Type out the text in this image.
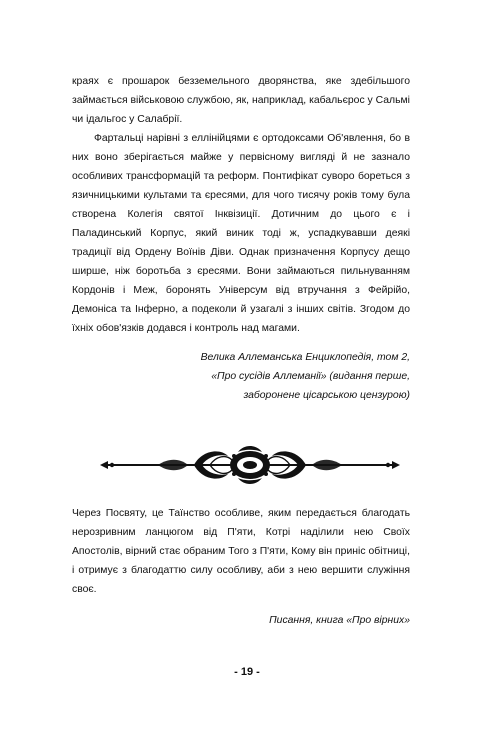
краях є прошарок безземельного дворянства, яке здебільшого займається військовою службою, як, наприклад, кабальєрос у Сальмі чи ідальгос у Салабрії.

Фартальці нарівні з еллінійцями є ортодоксами Об'явлення, бо в них воно зберігається майже у первісному вигляді й не зазнало особливих трансформацій та реформ. Понтифікат суворо бореться з язичницькими культами та єресями, для чого тисячу років тому була створена Колегія святої Інквізиції. Дотичним до цього є і Паладинський Корпус, який виник тоді ж, успадкувавши деякі традиції від Ордену Воїнів Діви. Однак призначення Корпусу дещо ширше, ніж боротьба з єресями. Вони займаються пильнуванням Кордонів і Меж, боронять Універсум від втручання з Фейрійо, Демоніса та Інферно, а подеколи й узагалі з інших світів. Згодом до їхніх обов'язків додався і контроль над магами.

Велика Аллеманська Енциклопедія, том 2,
«Про сусідів Аллеманії» (видання перше,
заборонене цісарською цензурою)

Через Посвяту, це Таїнство особливе, яким передається благодать нерозривним ланцюгом від П'яти, Котрі наділили нею Своїх Апостолів, вірний стає обраним Того з П'яти, Кому він приніс обітниці, і отримує з благодаттю силу особливу, аби з нею вершити служіння своє.

Писання, книга «Про вірних»
- 19 -
